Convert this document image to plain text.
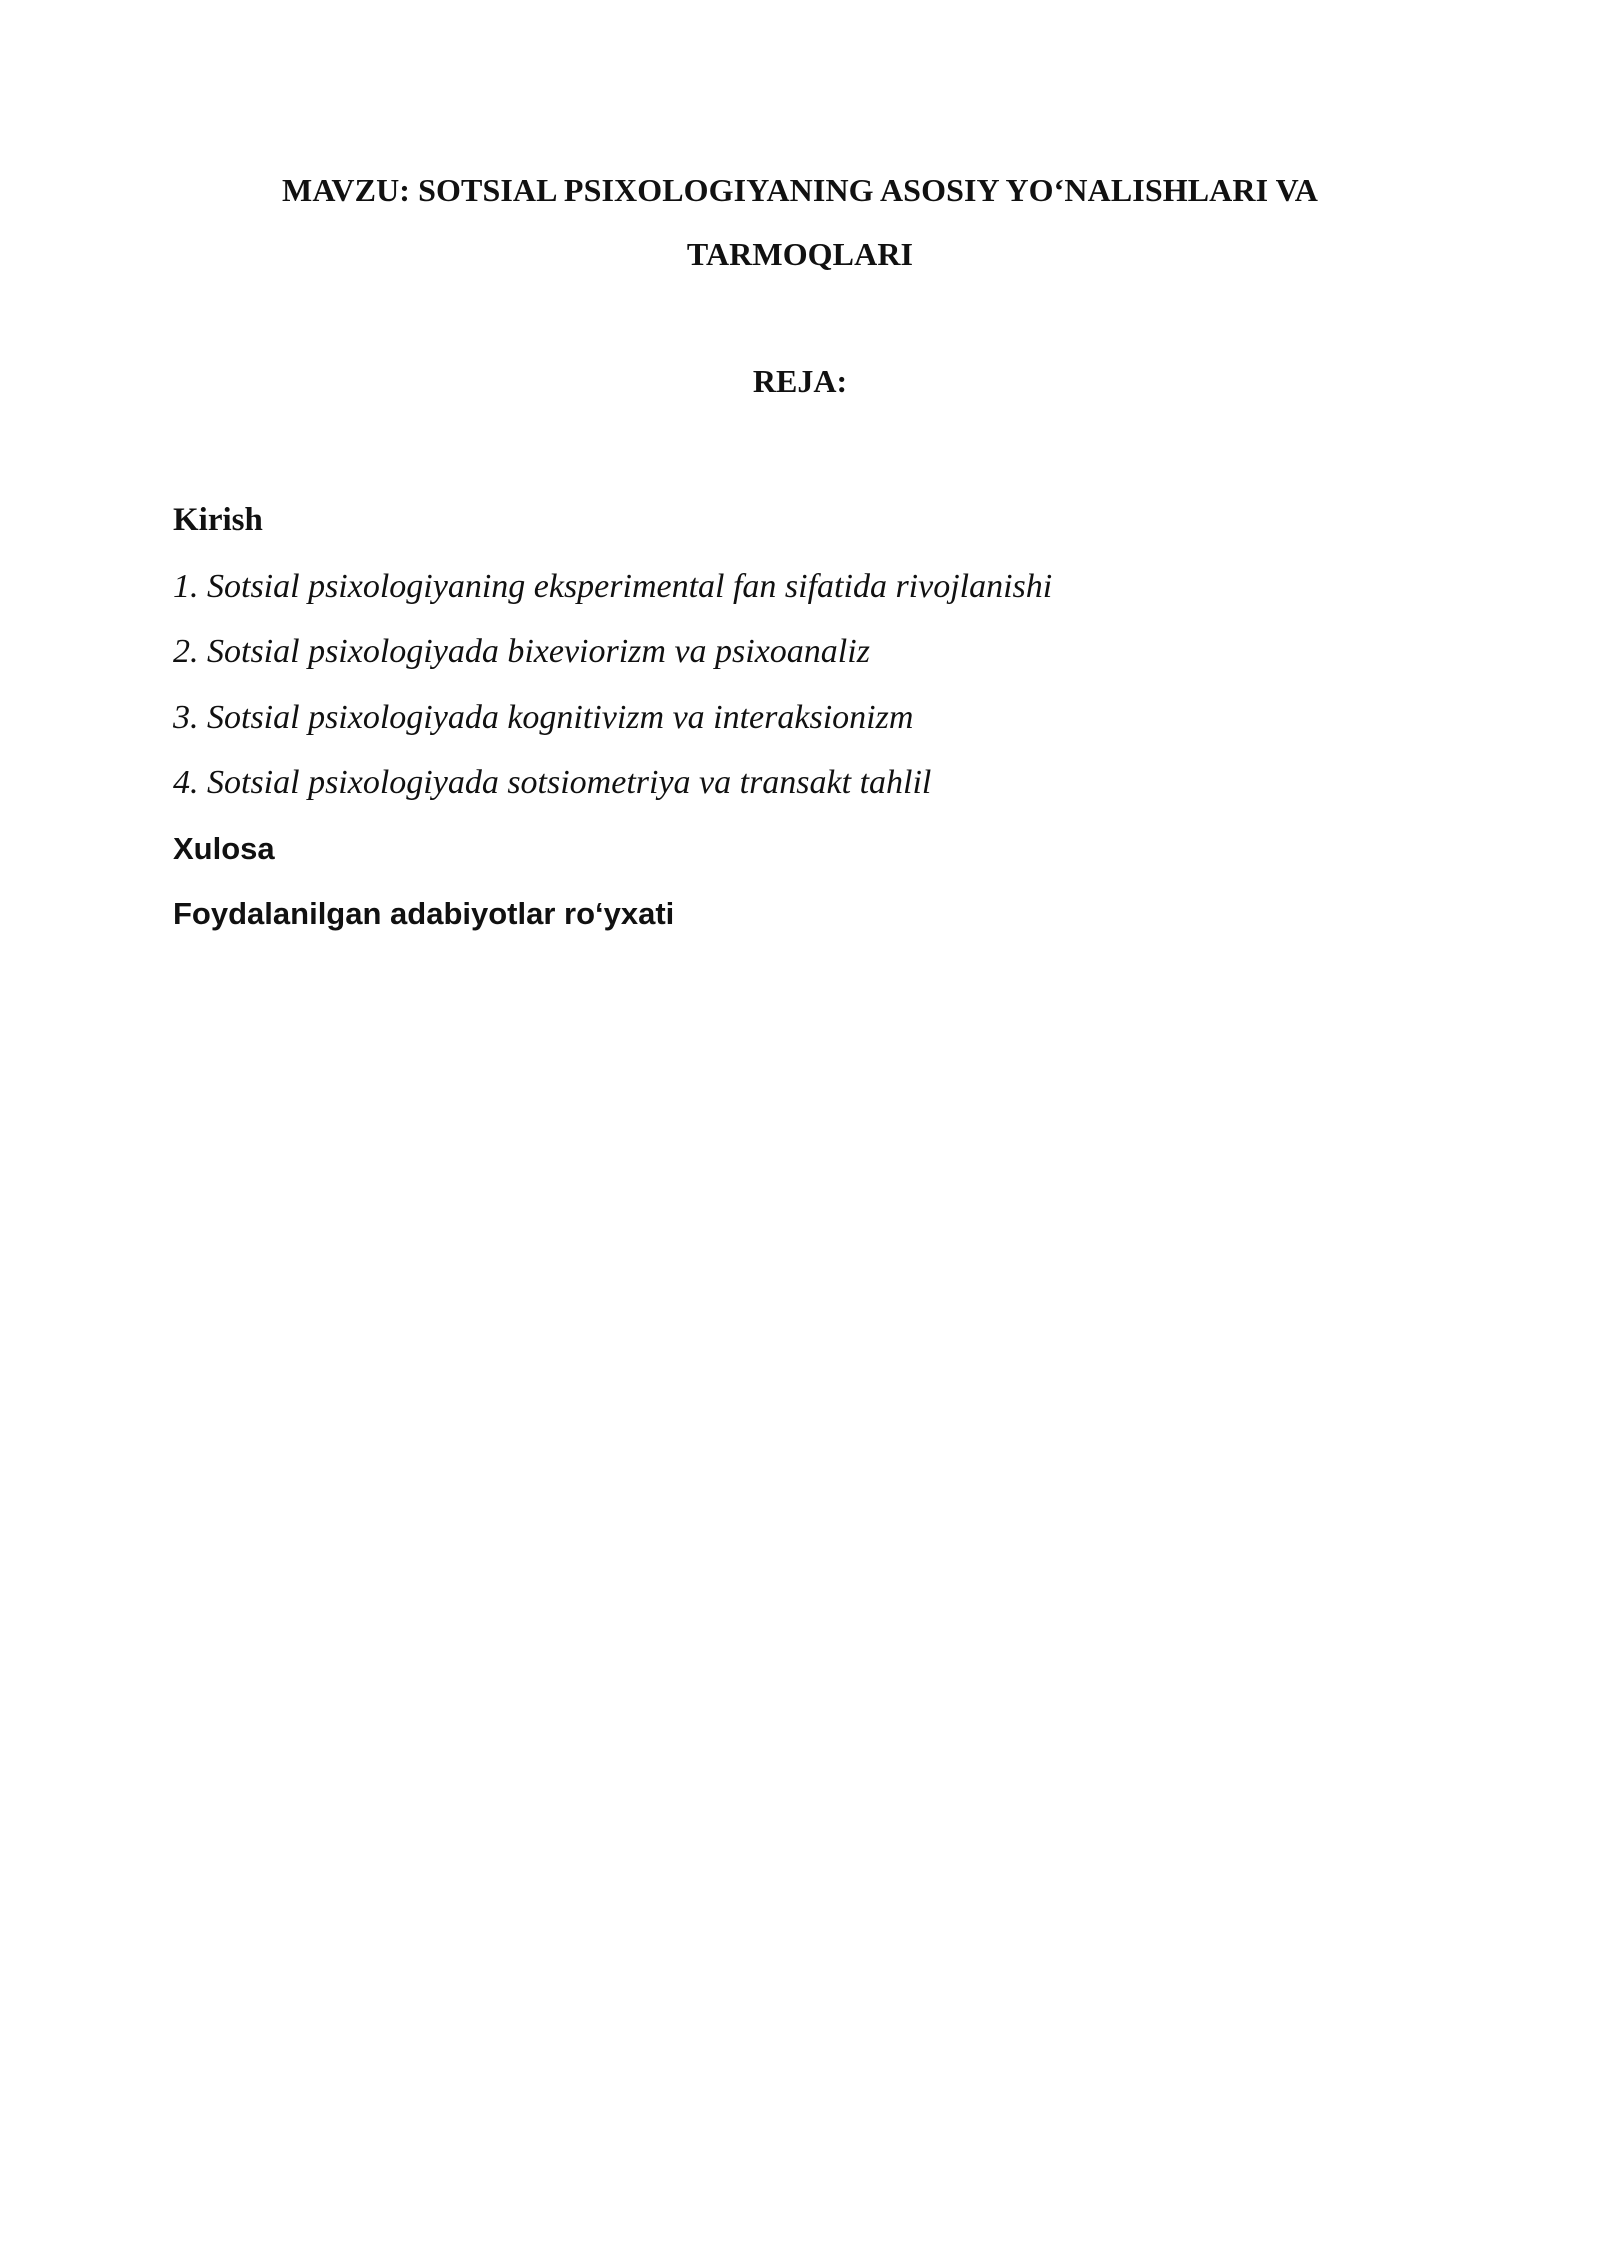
MAVZU: SOTSIAL PSIXOLOGIYANING ASOSIY YO‘NALISHLARI VA
TARMOQLARI
REJA:
Kirish
1. Sotsial psixologiyaning eksperimental fan sifatida rivojlanishi
2. Sotsial psixologiyada bixeviorizm va psixoanaliz
3. Sotsial psixologiyada kognitivizm va interaksionizm
4. Sotsial psixologiyada sotsiometriya va transakt tahlil
Xulosa
Foydalanilgan adabiyotlar ro‘yxati
